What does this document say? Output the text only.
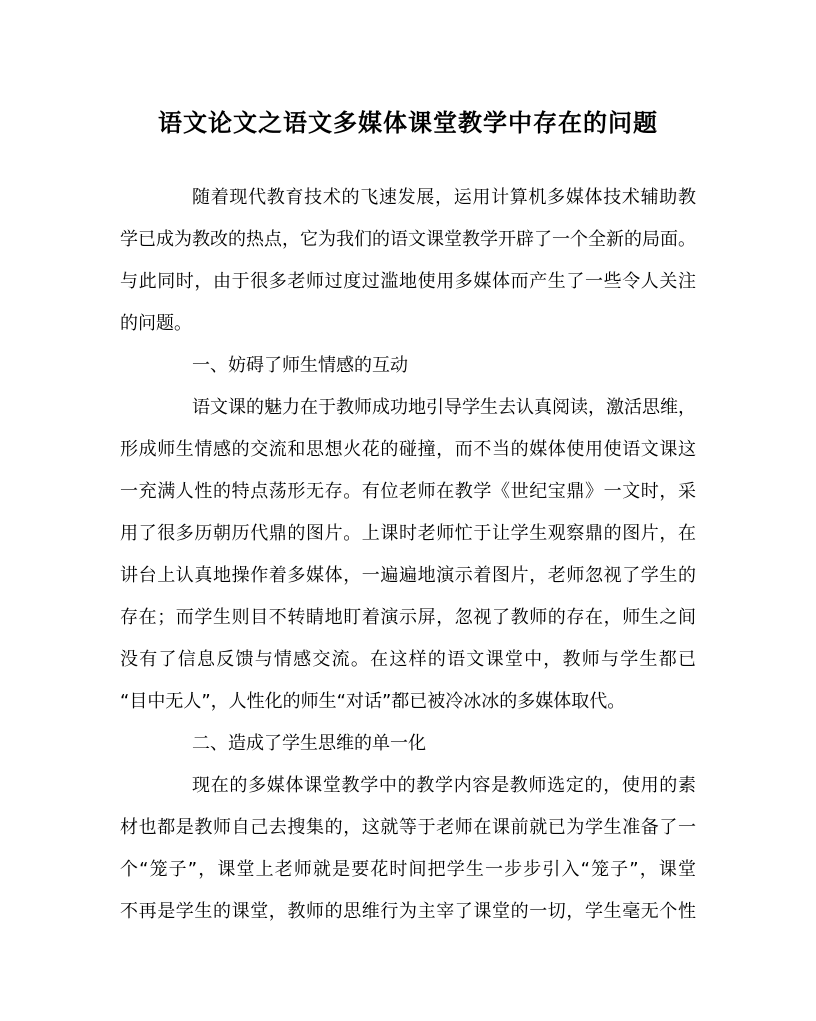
语文论文之语文多媒体课堂教学中存在的问题
随着现代教育技术的飞速发展，运用计算机多媒体技术辅助教
学已成为教改的热点，它为我们的语文课堂教学开辟了一个全新的局面。
与此同时，由于很多老师过度过滥地使用多媒体而产生了一些令人关注
的问题。
一、妨碍了师生情感的互动
语文课的魅力在于教师成功地引导学生去认真阅读，激活思维，
形成师生情感的交流和思想火花的碰撞，而不当的媒体使用使语文课这
一充满人性的特点荡形无存。有位老师在教学《世纪宝鼎》一文时，采
用了很多历朝历代鼎的图片。上课时老师忙于让学生观察鼎的图片，在
讲台上认真地操作着多媒体，一遍遍地演示着图片，老师忽视了学生的
存在；而学生则目不转睛地盯着演示屏，忽视了教师的存在，师生之间
没有了信息反馈与情感交流。在这样的语文课堂中，教师与学生都已
“目中无人”，人性化的师生“对话”都已被冷冰冰的多媒体取代。
二、造成了学生思维的单一化
现在的多媒体课堂教学中的教学内容是教师选定的，使用的素
材也都是教师自己去搜集的，这就等于老师在课前就已为学生准备了一
个“笼子”，课堂上老师就是要花时间把学生一步步引入“笼子”，课堂
不再是学生的课堂，教师的思维行为主宰了课堂的一切，学生毫无个性
